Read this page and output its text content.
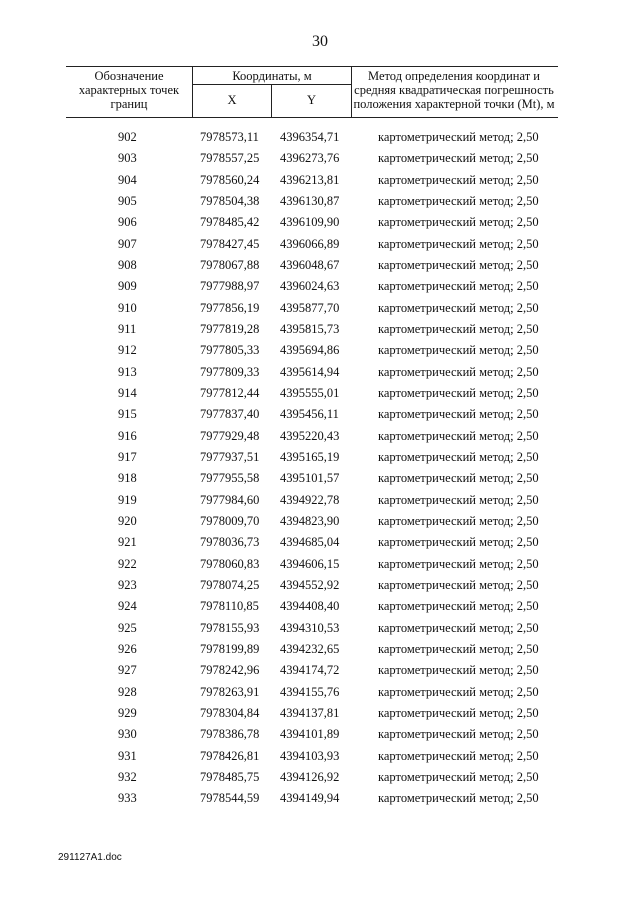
30
Обозначение характерных точек границ
Координаты, м
X	Y
Метод определения координат и средняя квадратическая погрешность положения характерной точки (Mt), м
902	7978573,11 4396354,71	картометрический метод; 2,50
903	7978557,25 4396273,76	картометрический метод; 2,50
904	7978560,24 4396213,81	картометрический метод; 2,50
905	7978504,38 4396130,87	картометрический метод; 2,50
906	7978485,42 4396109,90	картометрический метод; 2,50
907	7978427,45 4396066,89	картометрический метод; 2,50
908	7978067,88 4396048,67	картометрический метод; 2,50
909	7977988,97 4396024,63	картометрический метод; 2,50
910	7977856,19 4395877,70	картометрический метод; 2,50
911	7977819,28 4395815,73	картометрический метод; 2,50
912	7977805,33 4395694,86	картометрический метод; 2,50
913	7977809,33 4395614,94	картометрический метод; 2,50
914	7977812,44 4395555,01	картометрический метод; 2,50
915	7977837,40 4395456,11	картометрический метод; 2,50
916	7977929,48 4395220,43	картометрический метод; 2,50
917	7977937,51 4395165,19	картометрический метод; 2,50
918	7977955,58 4395101,57	картометрический метод; 2,50
919	7977984,60 4394922,78	картометрический метод; 2,50
920	7978009,70 4394823,90	картометрический метод; 2,50
921	7978036,73 4394685,04	картометрический метод; 2,50
922	7978060,83 4394606,15	картометрический метод; 2,50
923	7978074,25 4394552,92	картометрический метод; 2,50
924	7978110,85 4394408,40	картометрический метод; 2,50
925	7978155,93 4394310,53	картометрический метод; 2,50
926	7978199,89 4394232,65	картометрический метод; 2,50
927	7978242,96 4394174,72	картометрический метод; 2,50
928	7978263,91 4394155,76	картометрический метод; 2,50
929	7978304,84 4394137,81	картометрический метод; 2,50
930	7978386,78 4394101,89	картометрический метод; 2,50
931	7978426,81 4394103,93	картометрический метод; 2,50
932	7978485,75 4394126,92	картометрический метод; 2,50
933	7978544,59 4394149,94	картометрический метод; 2,50
291127A1.doc
